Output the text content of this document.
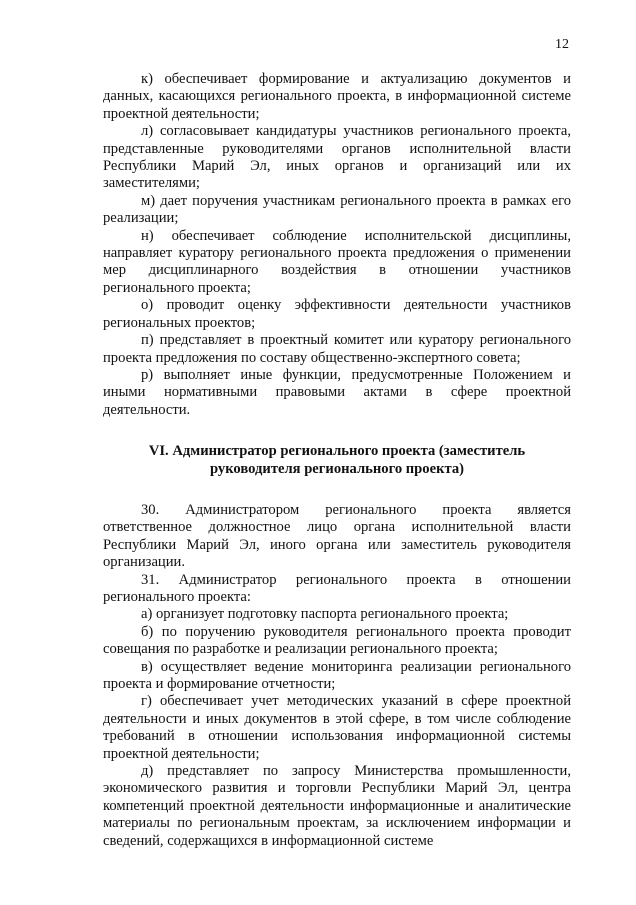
12

к) обеспечивает формирование и актуализацию документов и данных, касающихся регионального проекта, в информационной системе проектной деятельности;

л) согласовывает кандидатуры участников регионального проекта, представленные руководителями органов исполнительной власти Республики Марий Эл, иных органов и организаций или их заместителями;

м) дает поручения участникам регионального проекта в рамках его реализации;

н) обеспечивает соблюдение исполнительской дисциплины, направляет куратору регионального проекта предложения о применении мер дисциплинарного воздействия в отношении участников регионального проекта;

о) проводит оценку эффективности деятельности участников региональных проектов;

п) представляет в проектный комитет или куратору регионального проекта предложения по составу общественно-экспертного совета;

р) выполняет иные функции, предусмотренные Положением и иными нормативными правовыми актами в сфере проектной деятельности.

VI. Администратор регионального проекта (заместитель
руководителя регионального проекта)

30. Администратором регионального проекта является ответственное должностное лицо органа исполнительной власти Республики Марий Эл, иного органа или заместитель руководителя организации.

31. Администратор регионального проекта в отношении регионального проекта:

а) организует подготовку паспорта регионального проекта;

б) по поручению руководителя регионального проекта проводит совещания по разработке и реализации регионального проекта;

в) осуществляет ведение мониторинга реализации регионального проекта и формирование отчетности;

г) обеспечивает учет методических указаний в сфере проектной деятельности и иных документов в этой сфере, в том числе соблюдение требований в отношении использования информационной системы проектной деятельности;

д) представляет по запросу Министерства промышленности, экономического развития и торговли Республики Марий Эл, центра компетенций проектной деятельности информационные и аналитические материалы по региональным проектам, за исключением информации и сведений, содержащихся в информационной системе
